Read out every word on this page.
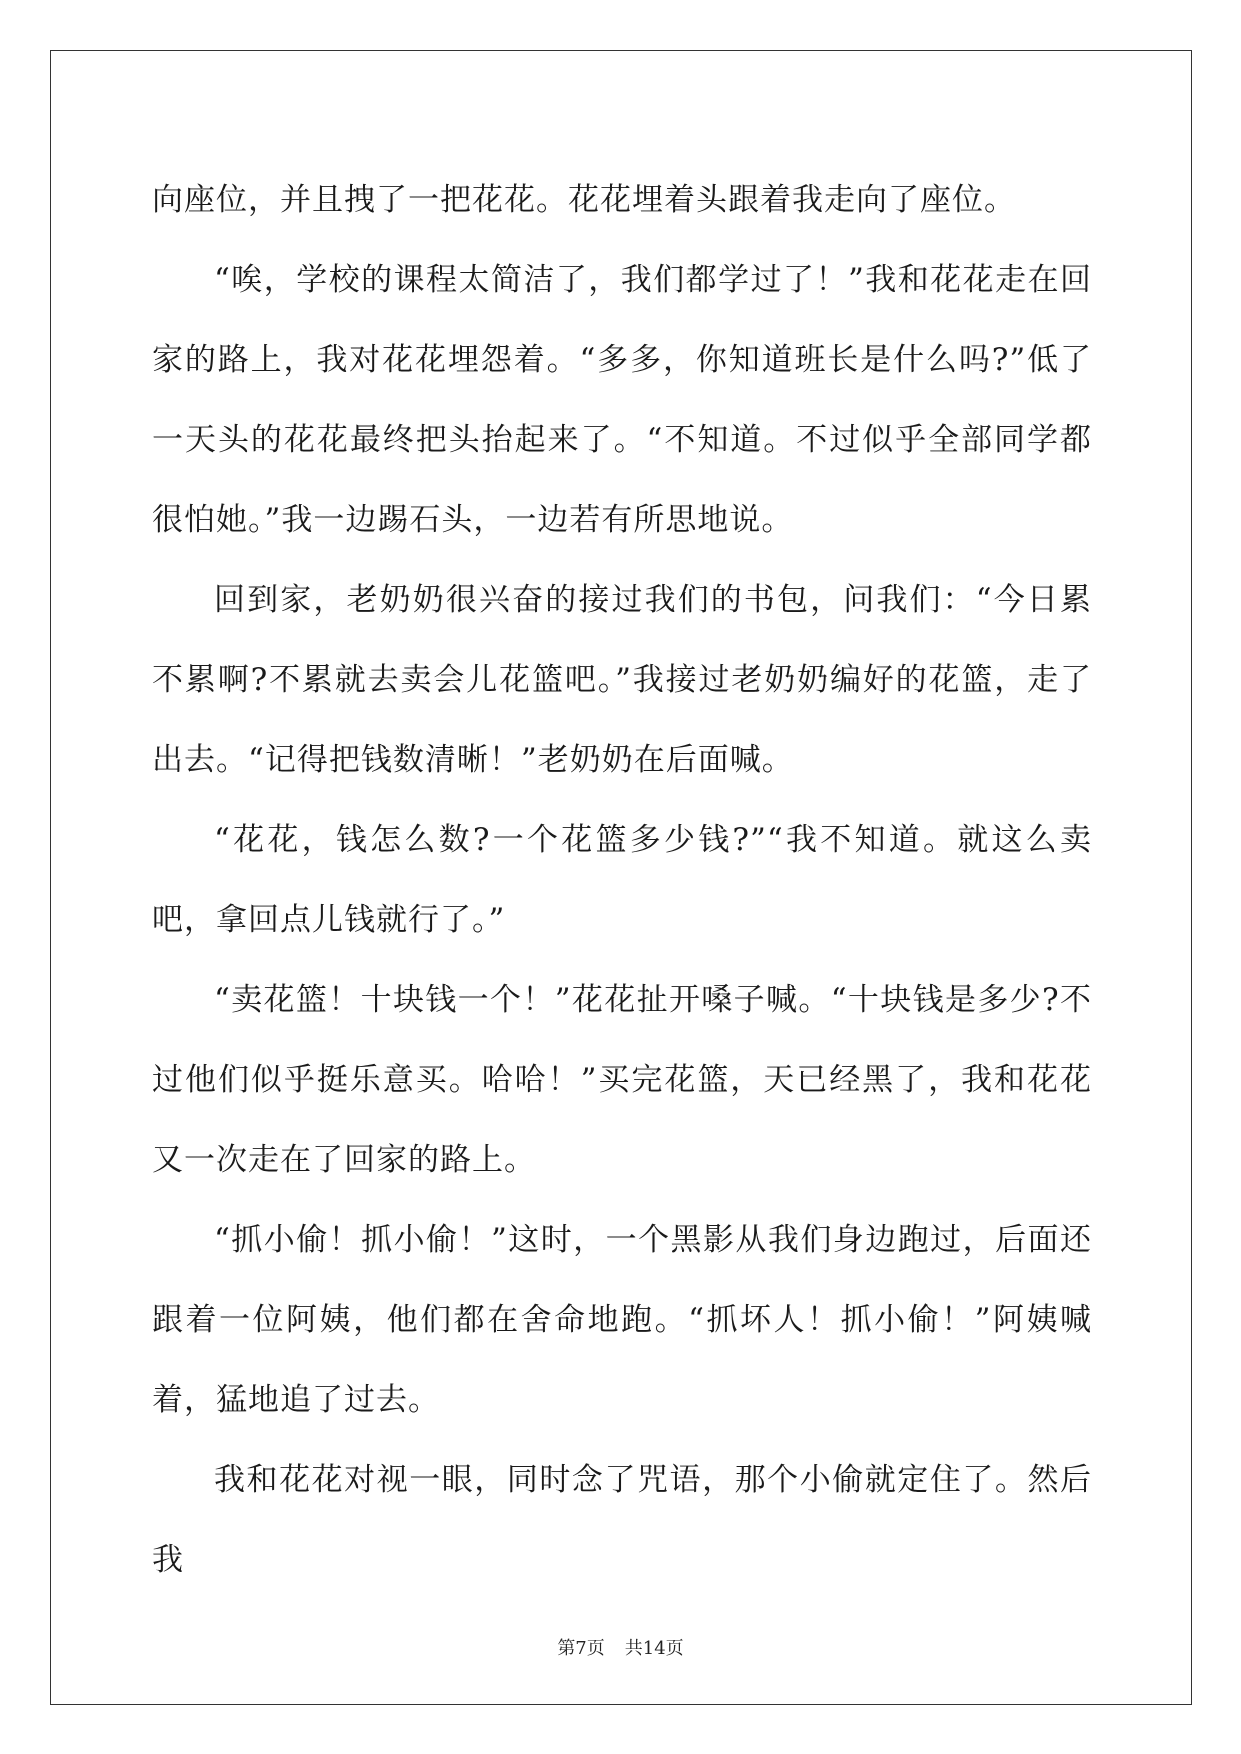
向座位，并且拽了一把花花。花花埋着头跟着我走向了座位。

“唉，学校的课程太简洁了，我们都学过了！”我和花花走在回家的路上，我对花花埋怨着。“多多，你知道班长是什么吗?”低了一天头的花花最终把头抬起来了。“不知道。不过似乎全部同学都 很怕她。”我一边踢石头，一边若有所思地说。

回到家，老奶奶很兴奋的接过我们的书包，问我们：“今日累不累啊?不累就去卖会儿花篮吧。”我接过老奶奶编好的花篮，走了出去。“记得把钱数清晰！”老奶奶在后面喊。

“花花，钱怎么数?一个花篮多少钱?”“我不知道。就这么卖吧，拿回点儿钱就行了。”

“卖花篮！十块钱一个！”花花扯开嗓子喊。“十块钱是多少?不过他们似乎挺乐意买。哈哈！”买完花篮，天已经黑了，我和花花又一次走在了回家的路上。

“抓小偷！抓小偷！”这时，一个黑影从我们身边跑过，后面还跟着一位阿姨，他们都在舍命地跑。“抓坏人！抓小偷！”阿姨喊着，猛地追了过去。

我和花花对视一眼，同时念了咒语，那个小偷就定住了。然后我

第7页 共14页
